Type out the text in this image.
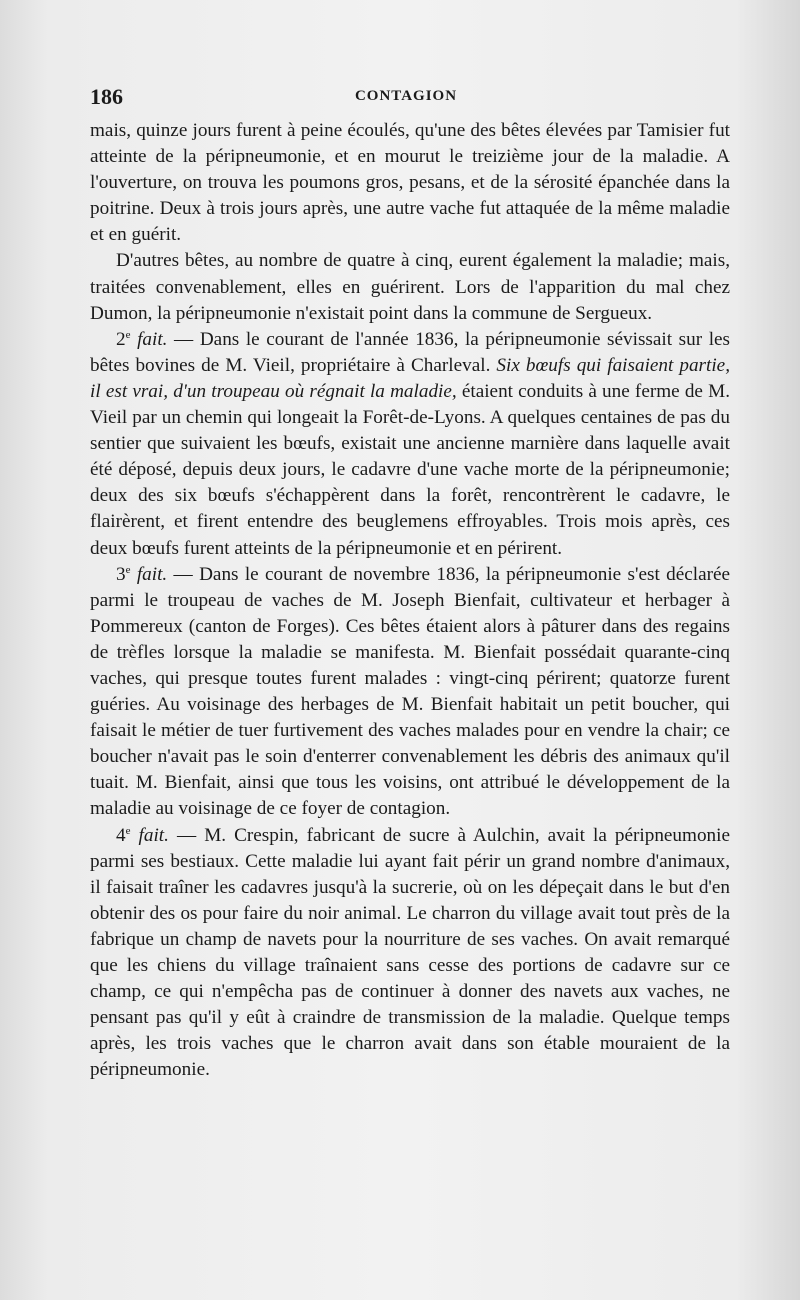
186	CONTAGION

mais, quinze jours furent à peine écoulés, qu'une des bêtes élevées par Tamisier fut atteinte de la péripneumonie, et en mourut le treizième jour de la maladie. A l'ouverture, on trouva les poumons gros, pesans, et de la sérosité épanchée dans la poitrine. Deux à trois jours après, une autre vache fut attaquée de la même maladie et en guérit.

D'autres bêtes, au nombre de quatre à cinq, eurent également la maladie; mais, traitées convenablement, elles en guérirent. Lors de l'apparition du mal chez Dumon, la péripneumonie n'existait point dans la commune de Sergueux.

2e fait. — Dans le courant de l'année 1836, la péripneumonie sévissait sur les bêtes bovines de M. Vieil, propriétaire à Charleval. Six bœufs qui faisaient partie, il est vrai, d'un troupeau où régnait la maladie, étaient conduits à une ferme de M. Vieil par un chemin qui longeait la Forêt-de-Lyons. A quelques centaines de pas du sentier que suivaient les bœufs, existait une ancienne marnière dans laquelle avait été déposé, depuis deux jours, le cadavre d'une vache morte de la péripneumonie; deux des six bœufs s'échappèrent dans la forêt, rencontrèrent le cadavre, le flairèrent, et firent entendre des beuglemens effroyables. Trois mois après, ces deux bœufs furent atteints de la péripneumonie et en périrent.

3e fait. — Dans le courant de novembre 1836, la péripneumonie s'est déclarée parmi le troupeau de vaches de M. Joseph Bienfait, cultivateur et herbager à Pommereux (canton de Forges). Ces bêtes étaient alors à pâturer dans des regains de trèfles lorsque la maladie se manifesta. M. Bienfait possédait quarante-cinq vaches, qui presque toutes furent malades : vingt-cinq périrent; quatorze furent guéries. Au voisinage des herbages de M. Bienfait habitait un petit boucher, qui faisait le métier de tuer furtivement des vaches malades pour en vendre la chair; ce boucher n'avait pas le soin d'enterrer convenablement les débris des animaux qu'il tuait. M. Bienfait, ainsi que tous les voisins, ont attribué le développement de la maladie au voisinage de ce foyer de contagion.

4e fait. — M. Crespin, fabricant de sucre à Aulchin, avait la péripneumonie parmi ses bestiaux. Cette maladie lui ayant fait périr un grand nombre d'animaux, il faisait traîner les cadavres jusqu'à la sucrerie, où on les dépeçait dans le but d'en obtenir des os pour faire du noir animal. Le charron du village avait tout près de la fabrique un champ de navets pour la nourriture de ses vaches. On avait remarqué que les chiens du village traînaient sans cesse des portions de cadavre sur ce champ, ce qui n'empêcha pas de continuer à donner des navets aux vaches, ne pensant pas qu'il y eût à craindre de transmission de la maladie. Quelque temps après, les trois vaches que le charron avait dans son étable mouraient de la péripneumonie.
